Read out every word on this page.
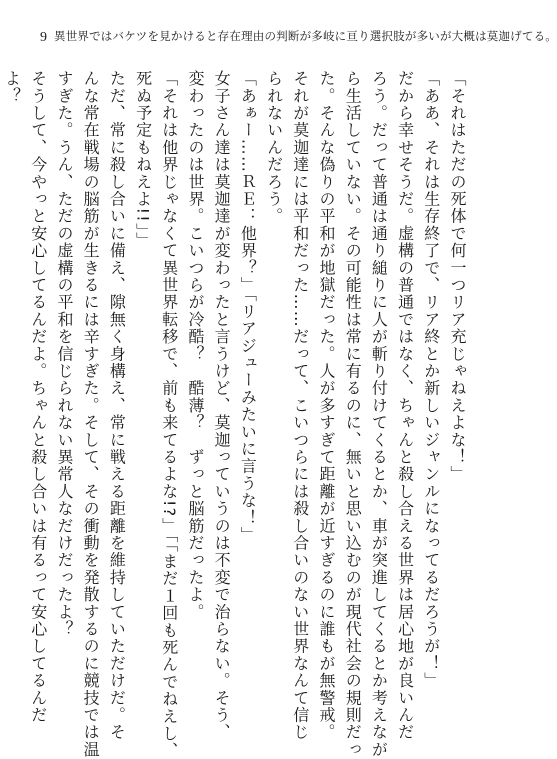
9 異世界ではバケツを見かけると存在理由の判断が多岐に亘り選択肢が多いが大概は莫迦げてる。
「それはただの死体で何一つリア充じゃねえよな！」
「ああ、それは生存終了で、リア終とか新しいジャンルになってるだろうが！」
だから幸せそうだ。虚構の普通ではなく、ちゃんと殺し合える世界は居心地が良いんだ
ろう。だって普通は通り縋りに人が斬り付けてくるとか、車が突進してくるとか考えなが
ら生活していない。その可能性は常に有るのに、無いと思い込むのが現代社会の規則だっ
た。そんな偽りの平和が地獄だった。人が多すぎて距離が近すぎるのに誰もが無警戒。
それが莫迦達には平和だった……だって、こいつらには殺し合いのない世界なんて信じ
られないんだろう。
「あぁー……ＲＥ：他界？」「リアジューみたいに言うな！」
女子さん達は莫迦達が変わったと言うけど、莫迦っていうのは不変で治らない。そう、
変わったのは世界。こいつらが冷酷？　酷薄？　ずっと脳筋だったよ。
「それは他界じゃなくて異世界転移で、前も来てるよな!?」「「まだ１回も死んでねえし、
死ぬ予定もねえよ!!」」
ただ、常に殺し合いに備え、隙無く身構え、常に戦える距離を維持していただけだ。そ
んな常在戦場の脳筋が生きるには辛すぎた。そして、その衝動を発散するのに競技では温
すぎた。うん、ただの虚構の平和を信じられない異常人なだけだったよ？
そうして、今やっと安心してるんだよ。ちゃんと殺し合いは有るって安心してるんだ
よ？
